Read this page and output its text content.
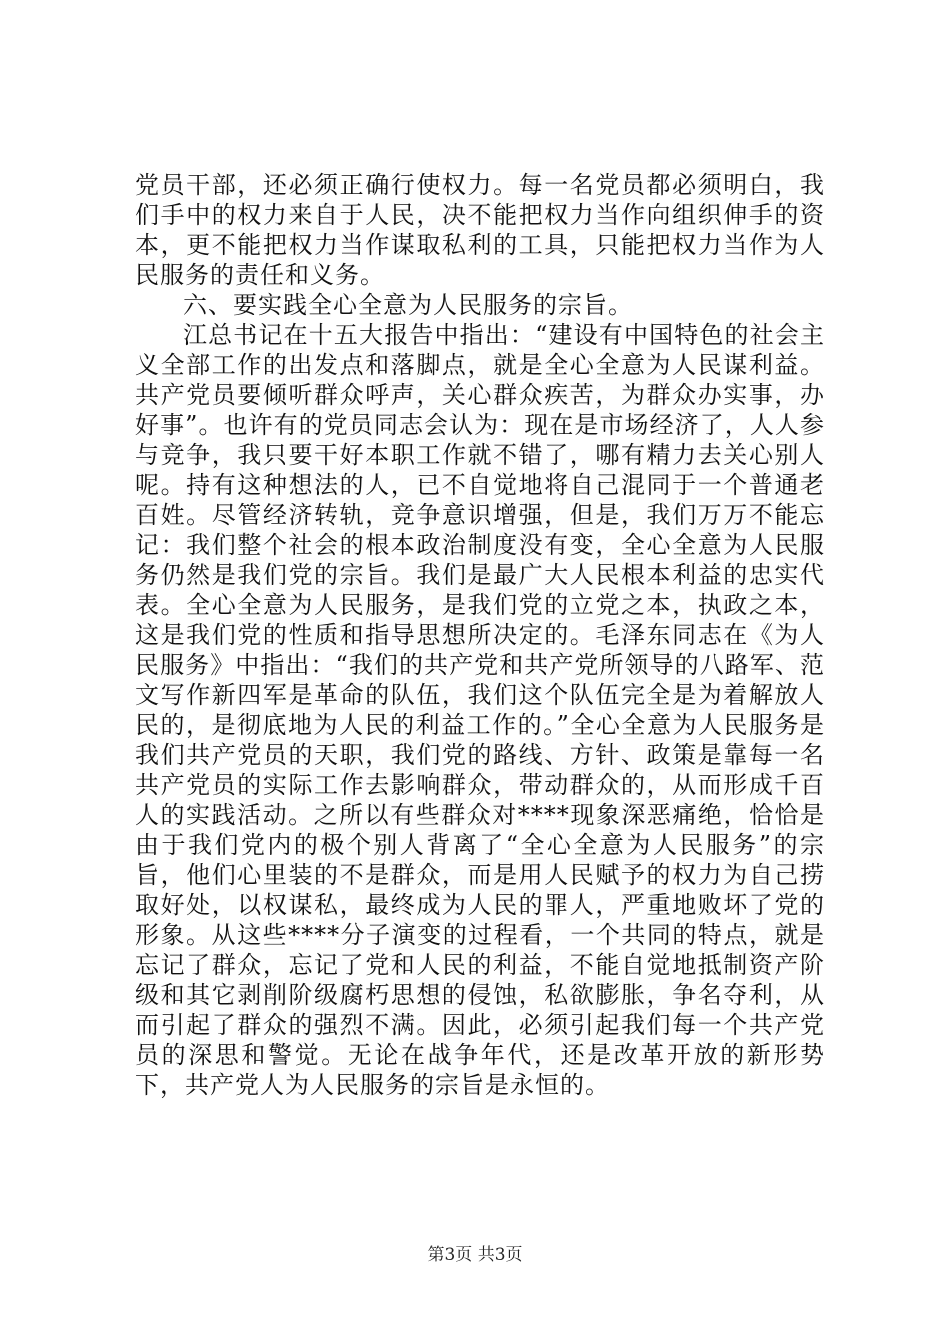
党员干部，还必须正确行使权力。每一名党员都必须明白，我们手中的权力来自于人民，决不能把权力当作向组织伸手的资本，更不能把权力当作谋取私利的工具，只能把权力当作为人民服务的责任和义务。

六、要实践全心全意为人民服务的宗旨。

江总书记在十五大报告中指出：“建设有中国特色的社会主义全部工作的出发点和落脚点，就是全心全意为人民谋利益。共产党员要倾听群众呼声，关心群众疾苦，为群众办实事，办好事”。也许有的党员同志会认为：现在是市场经济了，人人参与竞争，我只要干好本职工作就不错了，哪有精力去关心别人呢。持有这种想法的人，已不自觉地将自己混同于一个普通老百姓。尽管经济转轨，竞争意识增强，但是，我们万万不能忘记：我们整个社会的根本政治制度没有变，全心全意为人民服务仍然是我们党的宗旨。我们是最广大人民根本利益的忠实代表。全心全意为人民服务，是我们党的立党之本，执政之本，这是我们党的性质和指导思想所决定的。毛泽东同志在《为人民服务》中指出：“我们的共产党和共产党所领导的八路军、范文写作新四军是革命的队伍，我们这个队伍完全是为着解放人民的，是彻底地为人民的利益工作的。”全心全意为人民服务是我们共产党员的天职，我们党的路线、方针、政策是靠每一名共产党员的实际工作去影响群众，带动群众的，从而形成千百人的实践活动。之所以有些群众对****现象深恶痛绝，恰恰是由于我们党内的极个别人背离了“全心全意为人民服务”的宗旨，他们心里装的不是群众，而是用人民赋予的权力为自己捞取好处，以权谋私，最终成为人民的罪人，严重地败坏了党的形象。从这些****分子演变的过程看，一个共同的特点，就是忘记了群众，忘记了党和人民的利益，不能自觉地抵制资产阶级和其它剥削阶级腐朽思想的侵蚀，私欲膨胀，争名夺利，从而引起了群众的强烈不满。因此，必须引起我们每一个共产党员的深思和警觉。无论在战争年代，还是改革开放的新形势下，共产党人为人民服务的宗旨是永恒的。

第3页 共3页
